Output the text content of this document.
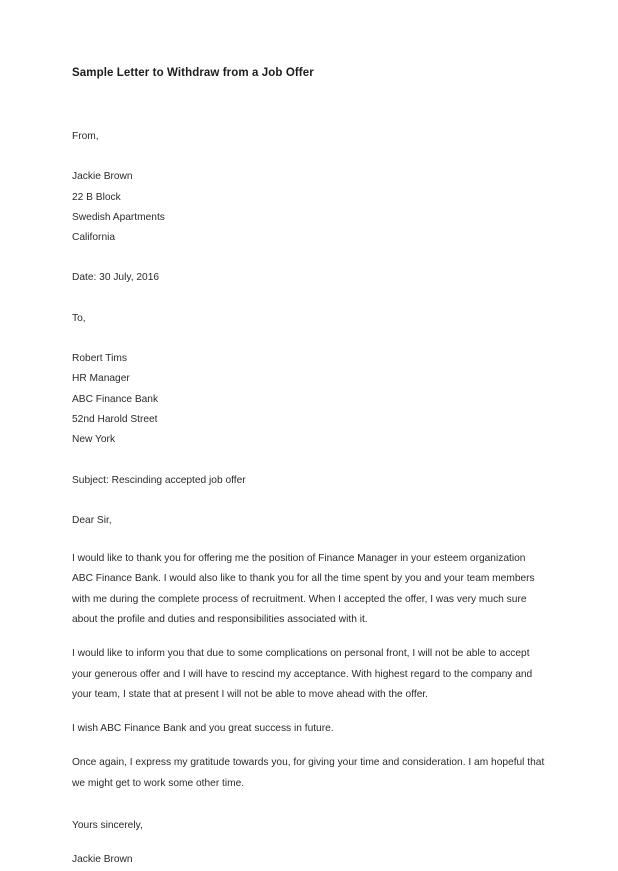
Sample Letter to Withdraw from a Job Offer
From,
Jackie Brown
22 B Block
Swedish Apartments
California
Date: 30 July, 2016
To,
Robert Tims
HR Manager
ABC Finance Bank
52nd Harold Street
New York
Subject: Rescinding accepted job offer
Dear Sir,

I would like to thank you for offering me the position of Finance Manager in your esteem organization ABC Finance Bank. I would also like to thank you for all the time spent by you and your team members with me during the complete process of recruitment. When I accepted the offer, I was very much sure about the profile and duties and responsibilities associated with it.

I would like to inform you that due to some complications on personal front, I will not be able to accept your generous offer and I will have to rescind my acceptance. With highest regard to the company and your team, I state that at present I will not be able to move ahead with the offer.

I wish ABC Finance Bank and you great success in future.

Once again, I express my gratitude towards you, for giving your time and consideration. I am hopeful that we might get to work some other time.

Yours sincerely,
Jackie Brown
